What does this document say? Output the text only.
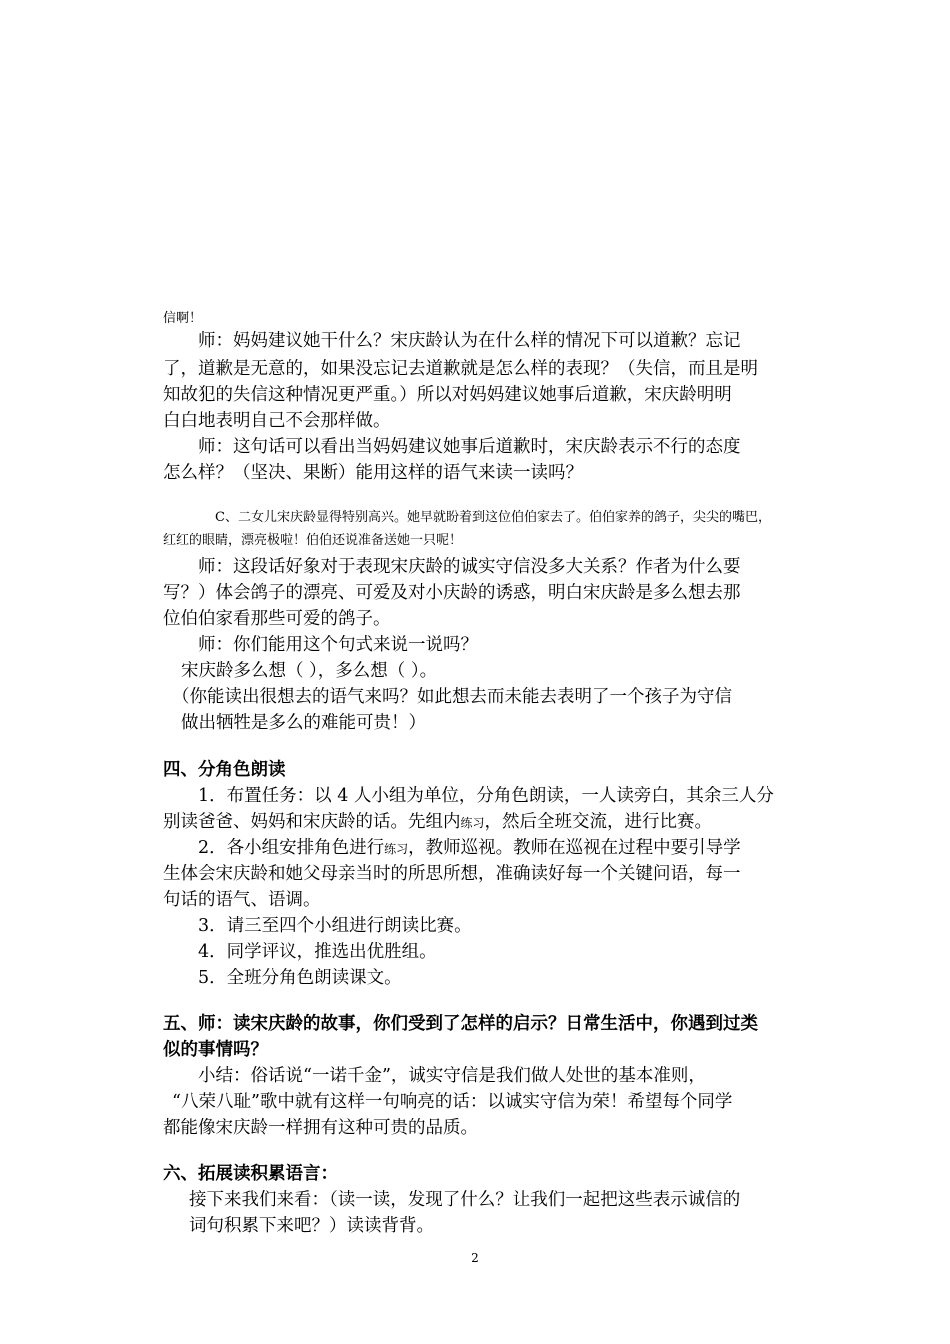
信啊！
师：妈妈建议她干什么？宋庆龄认为在什么样的情况下可以道歉？忘记
了，道歉是无意的，如果没忘记去道歉就是怎么样的表现？（失信，而且是明
知故犯的失信这种情况更严重。）所以对妈妈建议她事后道歉，宋庆龄明明
白白地表明自己不会那样做。
师：这句话可以看出当妈妈建议她事后道歉时，宋庆龄表示不行的态度
怎么样？（坚决、果断）能用这样的语气来读一读吗？
C、二女儿宋庆龄显得特别高兴。她早就盼着到这位伯伯家去了。伯伯家养的鸽子，尖尖的嘴巴，
红红的眼睛，漂亮极啦！伯伯还说准备送她一只呢！
师：这段话好象对于表现宋庆龄的诚实守信没多大关系？作者为什么要
写？）体会鸽子的漂亮、可爱及对小庆龄的诱惑，明白宋庆龄是多么想去那
位伯伯家看那些可爱的鸽子。
师：你们能用这个句式来说一说吗？
宋庆龄多么想（ ），多么想（ ）。
（你能读出很想去的语气来吗？如此想去而未能去表明了一个孩子为守信
做出牺牲是多么的难能可贵！）
四、分角色朗读
1．布置任务：以 4 人小组为单位，分角色朗读，一人读旁白，其余三人分
别读爸爸、妈妈和宋庆龄的话。先组内练习，然后全班交流，进行比赛。
2．各小组安排角色进行练习，教师巡视。教师在巡视在过程中要引导学
生体会宋庆龄和她父母亲当时的所思所想，准确读好每一个关键问语，每一
句话的语气、语调。
3．请三至四个小组进行朗读比赛。
4．同学评议，推选出优胜组。
5．全班分角色朗读课文。
五、师：读宋庆龄的故事，你们受到了怎样的启示？日常生活中，你遇到过类
似的事情吗？
小结：俗话说“一诺千金”，诚实守信是我们做人处世的基本准则，
“八荣八耻”歌中就有这样一句响亮的话：以诚实守信为荣！希望每个同学
都能像宋庆龄一样拥有这种可贵的品质。
六、拓展读积累语言：
接下来我们来看：（读一读，发现了什么？让我们一起把这些表示诚信的
词句积累下来吧？）读读背背。
2
